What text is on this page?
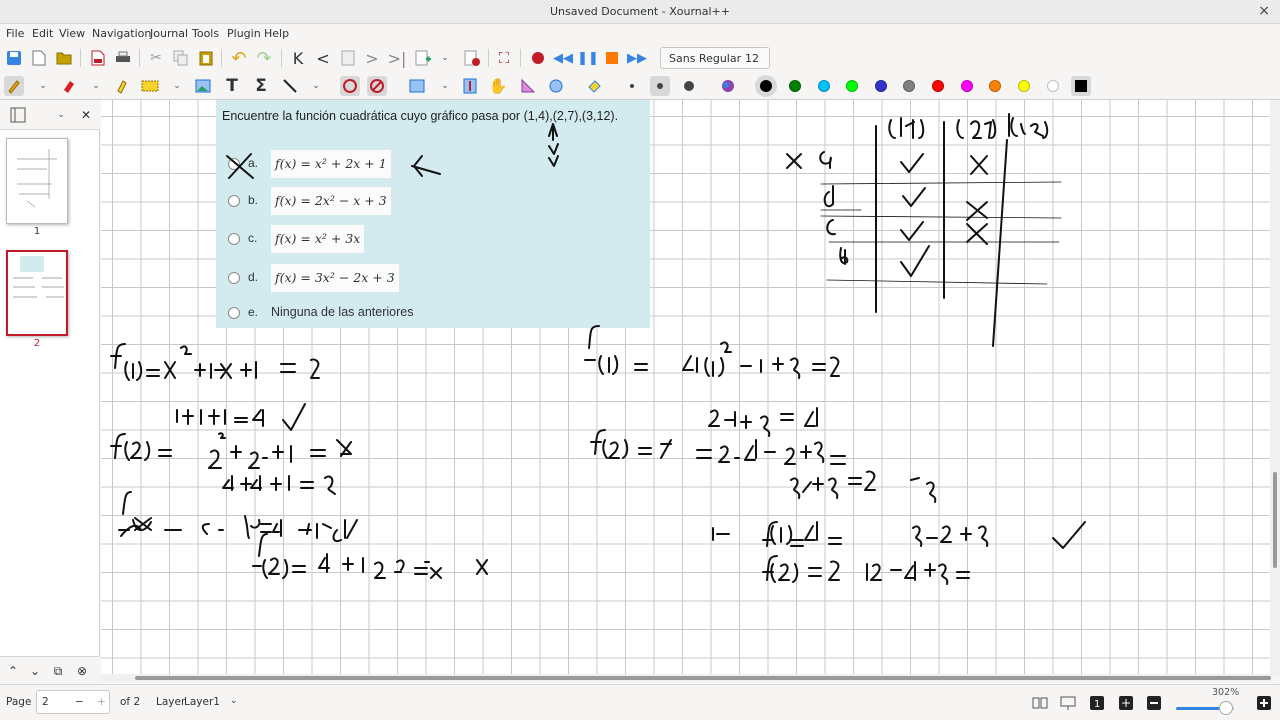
Unsaved Document - Xournal++	×
File Edit View Navigation
Journal Tools Plugin Help
✂	↶ ↷ K < > >|	⌄	⛶	◀◀ ❚❚ ▶▶	Sans Regular 12
⌄	⌄	⌄	T Σ	⌄	⌄	✋
⌄	✕
1
2
⌃ ⌄	⧉	⊗
Encuentre la función cuadrática cuyo gráfico pasa por (1,4),(2,7),(3,12).
a.	f(x) = x² + 2x + 1
b.	f(x) = 2x² − x + 3
c.	f(x) = x² + 3x
d.	f(x) = 3x² − 2x + 3
e. Ninguna de las anteriores
Page 2	− + of 2 Layer
Layer1 ⌄	1
302%
